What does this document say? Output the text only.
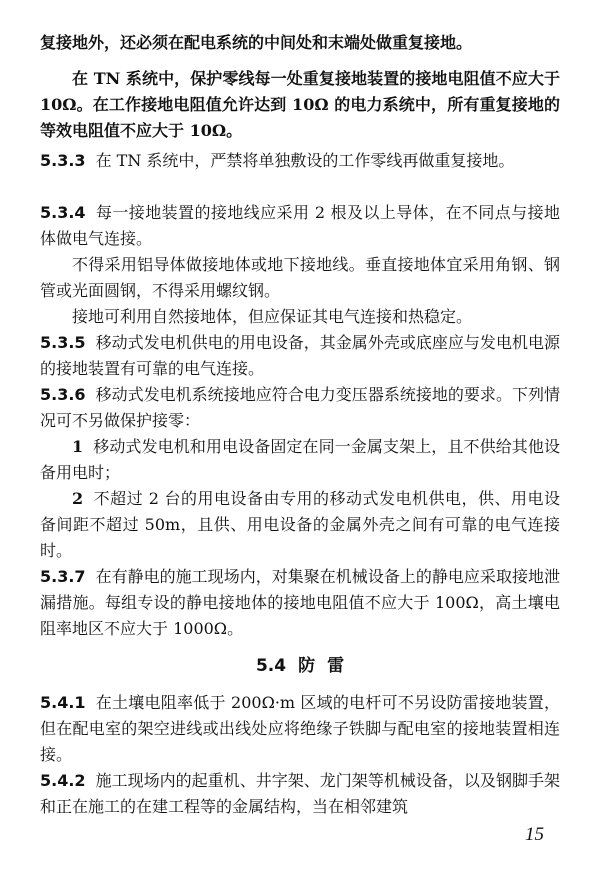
复接地外，还必须在配电系统的中间处和末端处做重复接地。

在 TN 系统中，保护零线每一处重复接地装置的接地电阻值不应大于 10Ω。在工作接地电阻值允许达到 10Ω 的电力系统中，所有重复接地的等效电阻值不应大于 10Ω。

5.3.3 在 TN 系统中，严禁将单独敷设的工作零线再做重复接地。

5.3.4 每一接地装置的接地线应采用 2 根及以上导体，在不同点与接地体做电气连接。

不得采用铝导体做接地体或地下接地线。垂直接地体宜采用角钢、钢管或光面圆钢，不得采用螺纹钢。

接地可利用自然接地体，但应保证其电气连接和热稳定。

5.3.5 移动式发电机供电的用电设备，其金属外壳或底座应与发电机电源的接地装置有可靠的电气连接。

5.3.6 移动式发电机系统接地应符合电力变压器系统接地的要求。下列情况可不另做保护接零：

1 移动式发电机和用电设备固定在同一金属支架上，且不供给其他设备用电时；

2 不超过 2 台的用电设备由专用的移动式发电机供电，供、用电设备间距不超过 50m，且供、用电设备的金属外壳之间有可靠的电气连接时。

5.3.7 在有静电的施工现场内，对集聚在机械设备上的静电应采取接地泄漏措施。每组专设的静电接地体的接地电阻值不应大于 100Ω，高土壤电阻率地区不应大于 1000Ω。

5.4 防 雷

5.4.1 在土壤电阻率低于 200Ω·m 区域的电杆可不另设防雷接地装置，但在配电室的架空进线或出线处应将绝缘子铁脚与配电室的接地装置相连接。

5.4.2 施工现场内的起重机、井字架、龙门架等机械设备，以及钢脚手架和正在施工的在建工程等的金属结构，当在相邻建筑

15
